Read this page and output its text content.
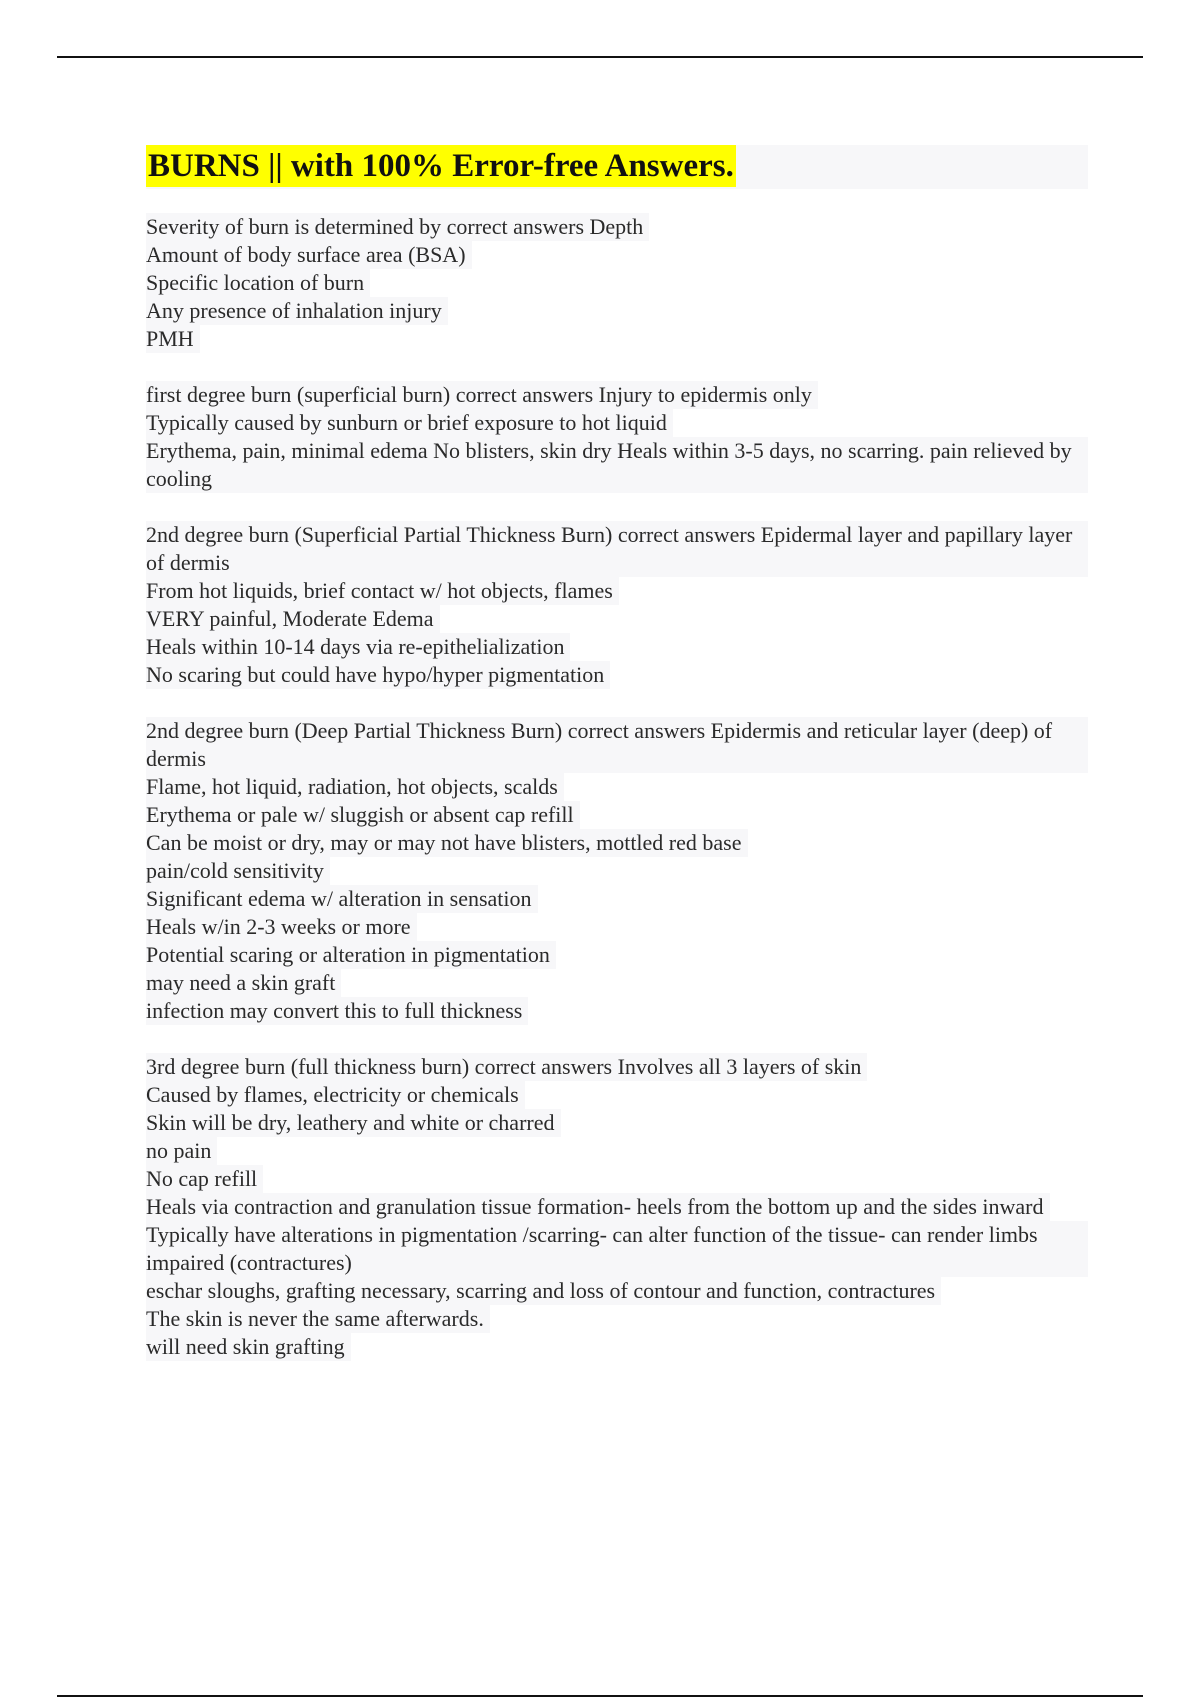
BURNS || with 100% Error-free Answers.
Severity of burn is determined by correct answers Depth
Amount of body surface area (BSA)
Specific location of burn
Any presence of inhalation injury
PMH
first degree burn (superficial burn) correct answers Injury to epidermis only
Typically caused by sunburn or brief exposure to hot liquid
Erythema, pain, minimal edema No blisters, skin dry Heals within 3-5 days, no scarring. pain relieved by cooling
2nd degree burn (Superficial Partial Thickness Burn) correct answers Epidermal layer and papillary layer of dermis
From hot liquids, brief contact w/ hot objects, flames
VERY painful, Moderate Edema
Heals within 10-14 days via re-epithelialization
No scaring but could have hypo/hyper pigmentation
2nd degree burn (Deep Partial Thickness Burn) correct answers Epidermis and reticular layer (deep) of dermis
Flame, hot liquid, radiation, hot objects, scalds
Erythema or pale w/ sluggish or absent cap refill
Can be moist or dry, may or may not have blisters, mottled red base
pain/cold sensitivity
Significant edema w/ alteration in sensation
Heals w/in 2-3 weeks or more
Potential scaring or alteration in pigmentation
may need a skin graft
infection may convert this to full thickness
3rd degree burn (full thickness burn) correct answers Involves all 3 layers of skin
Caused by flames, electricity or chemicals
Skin will be dry, leathery and white or charred
no pain
No cap refill
Heals via contraction and granulation tissue formation- heels from the bottom up and the sides inward
Typically have alterations in pigmentation /scarring- can alter function of the tissue- can render limbs impaired (contractures)
eschar sloughs, grafting necessary, scarring and loss of contour and function, contractures
The skin is never the same afterwards.
will need skin grafting
